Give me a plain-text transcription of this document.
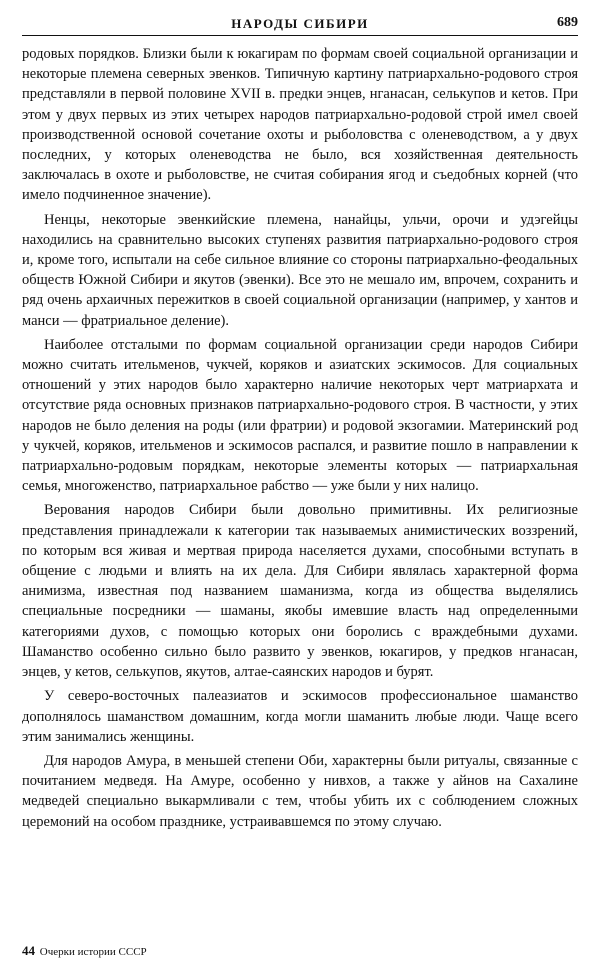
НАРОДЫ СИБИРИ	689

родовых порядков. Близки были к юкагирам по формам своей социальной организации и некоторые племена северных эвенков. Типичную картину патриархально-родового строя представляли в первой половине XVII в. предки энцев, нганасан, селькупов и кетов. При этом у двух первых из этих четырех народов патриархально-родовой строй имел своей производственной основой сочетание охоты и рыболовства с оленеводством, а у двух последних, у которых оленеводства не было, вся хозяйственная деятельность заключалась в охоте и рыболовстве, не считая собирания ягод и съедобных корней (что имело подчиненное значение).

Ненцы, некоторые эвенкийские племена, нанайцы, ульчи, орочи и удэгейцы находились на сравнительно высоких ступенях развития патриархально-родового строя и, кроме того, испытали на себе сильное влияние со стороны патриархально-феодальных обществ Южной Сибири и якутов (эвенки). Все это не мешало им, впрочем, сохранить и ряд очень архаичных пережитков в своей социальной организации (например, у хантов и манси — фратриальное деление).

Наиболее отсталыми по формам социальной организации среди народов Сибири можно считать ительменов, чукчей, коряков и азиатских эскимосов. Для социальных отношений у этих народов было характерно наличие некоторых черт матриархата и отсутствие ряда основных признаков патриархально-родового строя. В частности, у этих народов не было деления на роды (или фратрии) и родовой экзогамии. Материнский род у чукчей, коряков, ительменов и эскимосов распался, и развитие пошло в направлении к патриархально-родовым порядкам, некоторые элементы которых — патриархальная семья, многоженство, патриархальное рабство — уже были у них налицо.

Верования народов Сибири были довольно примитивны. Их религиозные представления принадлежали к категории так называемых анимистических воззрений, по которым вся живая и мертвая природа населяется духами, способными вступать в общение с людьми и влиять на их дела. Для Сибири являлась характерной форма анимизма, известная под названием шаманизма, когда из общества выделялись специальные посредники — шаманы, якобы имевшие власть над определенными категориями духов, с помощью которых они боролись с враждебными духами. Шаманство особенно сильно было развито у эвенков, юкагиров, у предков нганасан, энцев, у кетов, селькупов, якутов, алтае-саянских народов и бурят.

У северо-восточных палеазиатов и эскимосов профессиональное шаманство дополнялось шаманством домашним, когда могли шаманить любые люди. Чаще всего этим занимались женщины.

Для народов Амура, в меньшей степени Оби, характерны были ритуалы, связанные с почитанием медведя. На Амуре, особенно у нивхов, а также у айнов на Сахалине медведей специально выкармливали с тем, чтобы убить их с соблюдением сложных церемоний на особом празднике, устраивавшемся по этому случаю.

44 Очерки истории СССР
